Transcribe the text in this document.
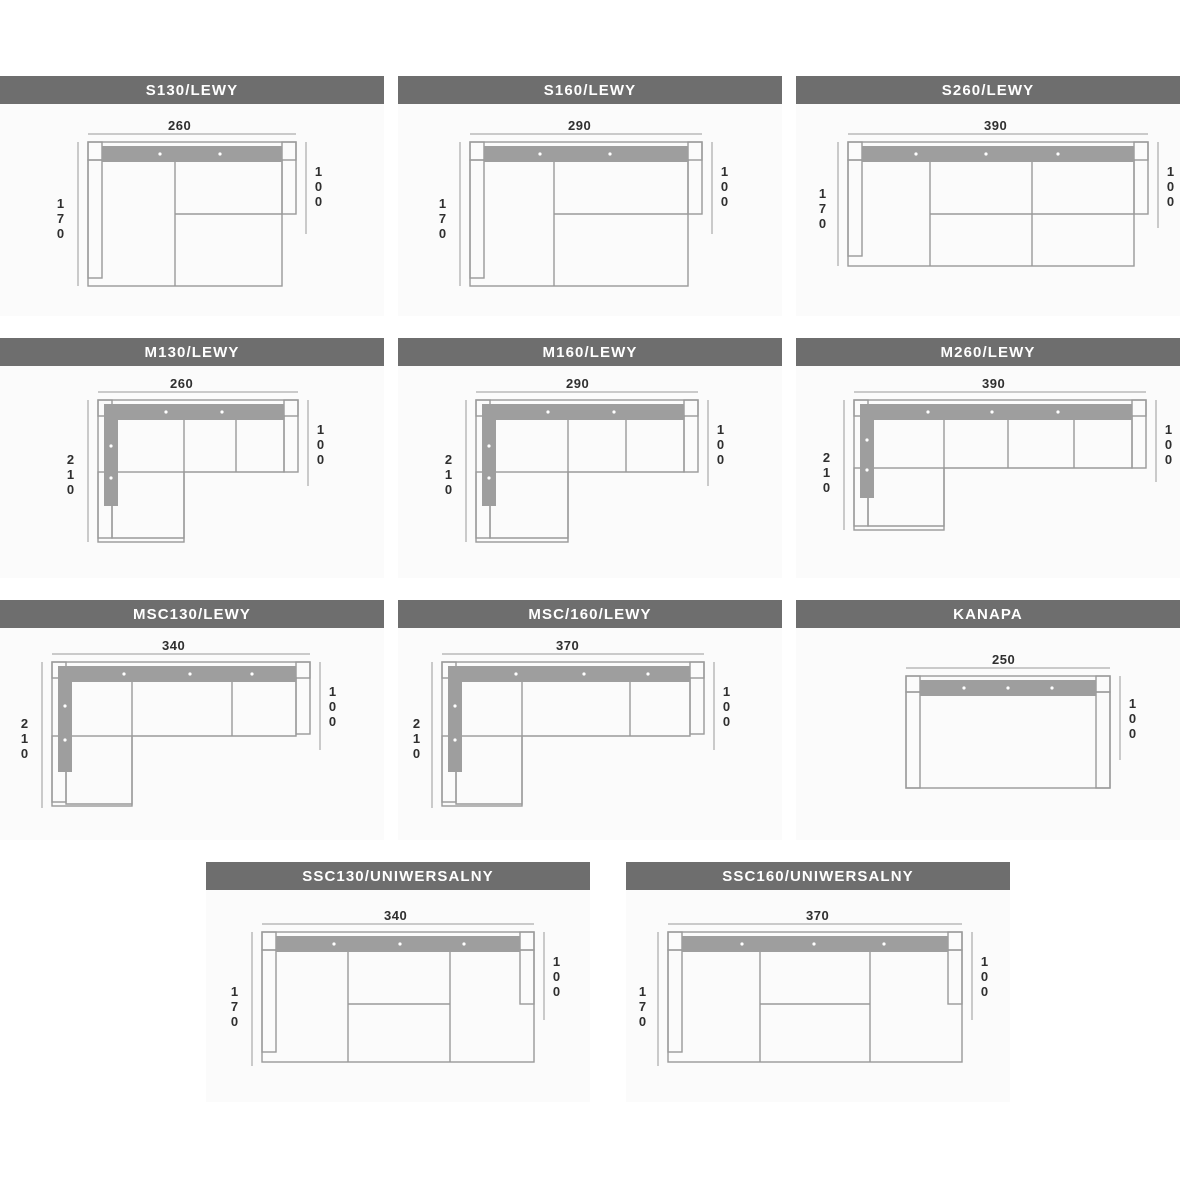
S130/LEWY
260
170
100
S160/LEWY
290
170
100
S260/LEWY
390
170	100
M130/LEWY
260
210
100
M160/LEWY
290
210
100
M260/LEWY
390
210
100
MSC130/LEWY
340
210
100
MSC/160/LEWY
370
210
100
KANAPA
250
100
SSC130/UNIWERSALNY
340
170
100
SSC160/UNIWERSALNY
370
170
100
